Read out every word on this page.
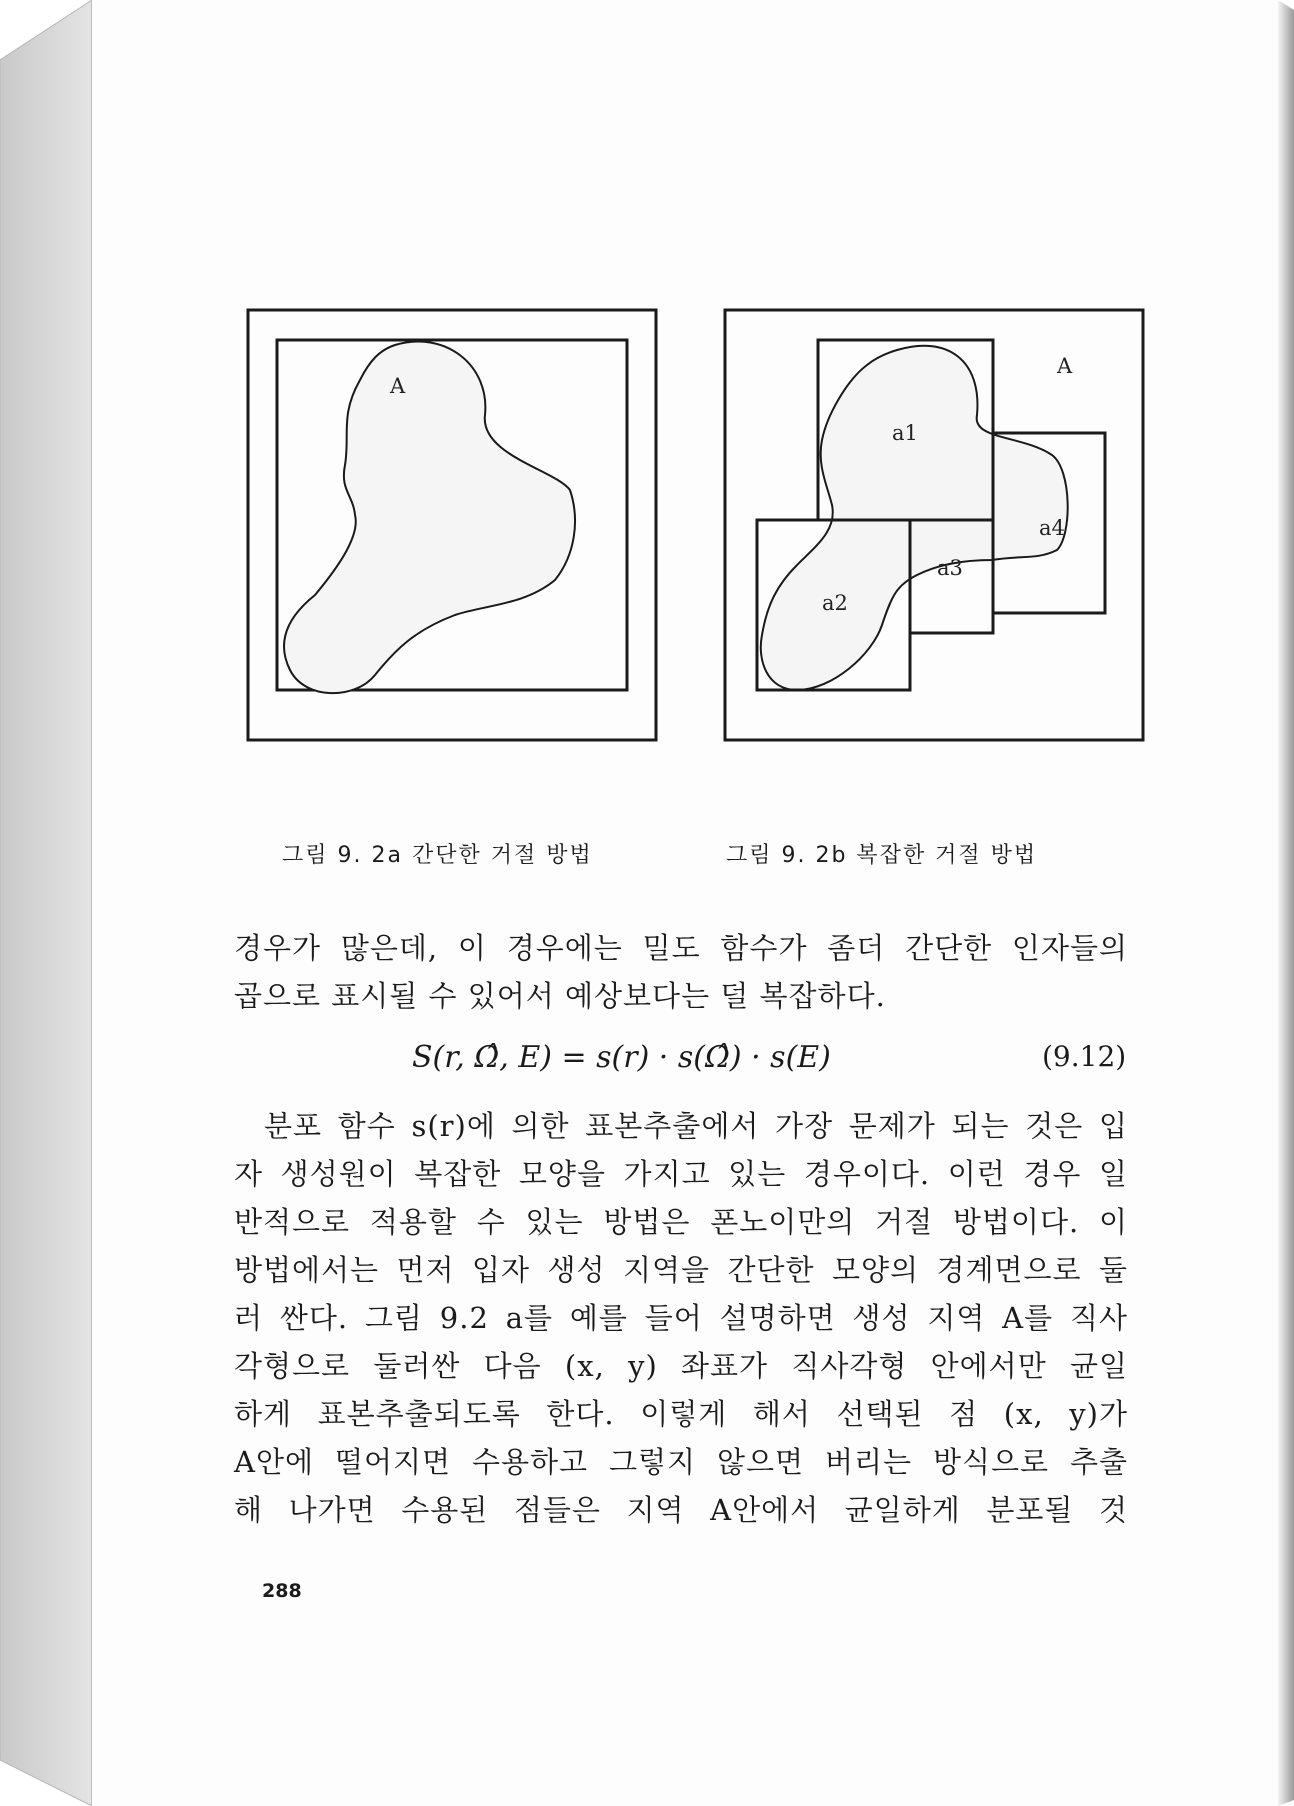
A
A
a1
a2
a3
a4
그림 9. 2a 간단한 거절 방법	그림 9. 2b 복잡한 거절 방법

경우가 많은데, 이 경우에는 밀도 함수가 좀더 간단한 인자들의

곱으로 표시될 수 있어서 예상보다는 덜 복잡하다.

S(r, Ω̂, E) = s(r) · s(Ω̂) · s(E)	(9.12)

분포 함수 s(r)에 의한 표본추출에서 가장 문제가 되는 것은 입

자 생성원이 복잡한 모양을 가지고 있는 경우이다. 이런 경우 일

반적으로 적용할 수 있는 방법은 폰노이만의 거절 방법이다. 이

방법에서는 먼저 입자 생성 지역을 간단한 모양의 경계면으로 둘

러 싼다. 그림 9.2 a를 예를 들어 설명하면 생성 지역 A를 직사

각형으로 둘러싼 다음 (x, y) 좌표가 직사각형 안에서만 균일

하게 표본추출되도록 한다. 이렇게 해서 선택된 점 (x, y)가

A안에 떨어지면 수용하고 그렇지 않으면 버리는 방식으로 추출

해 나가면 수용된 점들은 지역 A안에서 균일하게 분포될 것

288
